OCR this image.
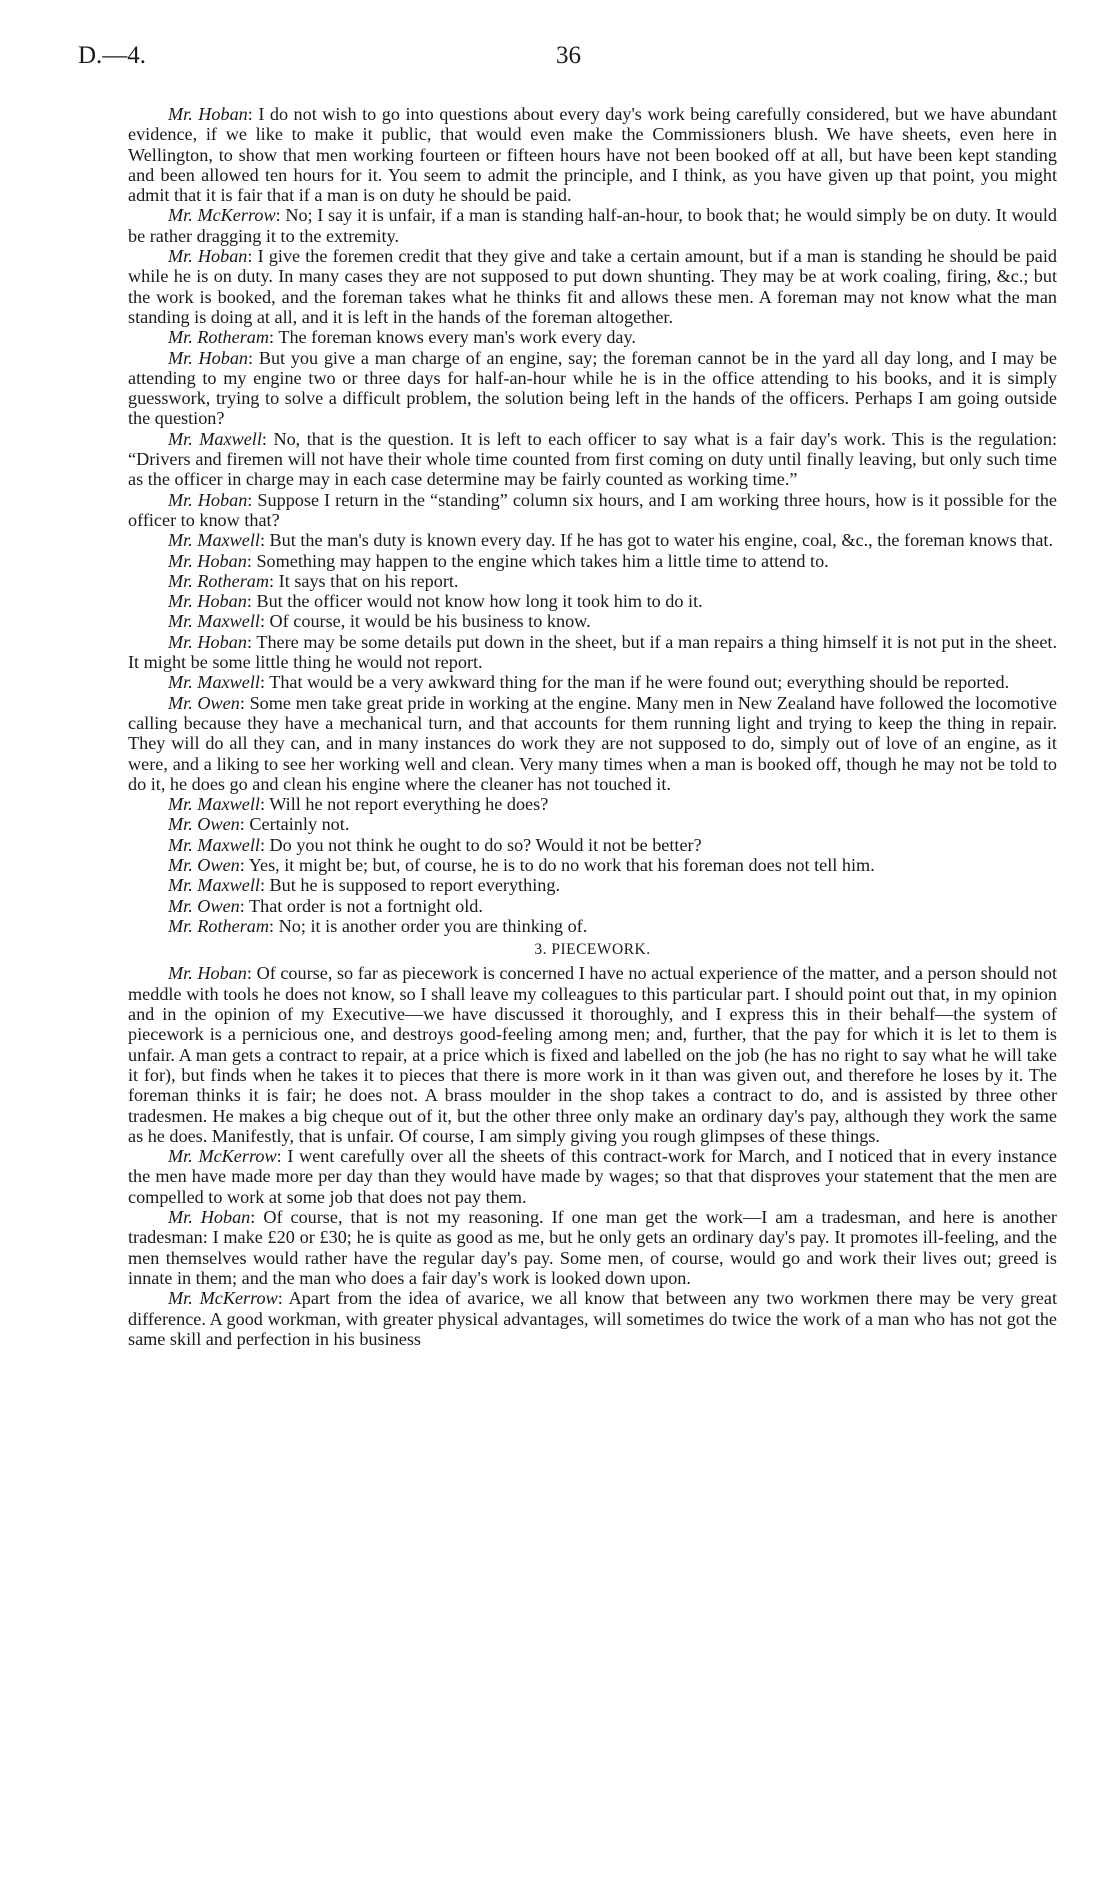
D.—4.	36

Mr. Hoban: I do not wish to go into questions about every day's work being carefully considered, but we have abundant evidence, if we like to make it public, that would even make the Commissioners blush. We have sheets, even here in Wellington, to show that men working fourteen or fifteen hours have not been booked off at all, but have been kept standing and been allowed ten hours for it. You seem to admit the principle, and I think, as you have given up that point, you might admit that it is fair that if a man is on duty he should be paid.

Mr. McKerrow: No; I say it is unfair, if a man is standing half-an-hour, to book that; he would simply be on duty. It would be rather dragging it to the extremity.

Mr. Hoban: I give the foremen credit that they give and take a certain amount, but if a man is standing he should be paid while he is on duty. In many cases they are not supposed to put down shunting. They may be at work coaling, firing, &c.; but the work is booked, and the foreman takes what he thinks fit and allows these men. A foreman may not know what the man standing is doing at all, and it is left in the hands of the foreman altogether.

Mr. Rotheram: The foreman knows every man's work every day.

Mr. Hoban: But you give a man charge of an engine, say; the foreman cannot be in the yard all day long, and I may be attending to my engine two or three days for half-an-hour while he is in the office attending to his books, and it is simply guesswork, trying to solve a difficult problem, the solution being left in the hands of the officers. Perhaps I am going outside the question?

Mr. Maxwell: No, that is the question. It is left to each officer to say what is a fair day's work. This is the regulation: “Drivers and firemen will not have their whole time counted from first coming on duty until finally leaving, but only such time as the officer in charge may in each case determine may be fairly counted as working time.”

Mr. Hoban: Suppose I return in the “standing” column six hours, and I am working three hours, how is it possible for the officer to know that?

Mr. Maxwell: But the man's duty is known every day. If he has got to water his engine, coal, &c., the foreman knows that.

Mr. Hoban: Something may happen to the engine which takes him a little time to attend to.

Mr. Rotheram: It says that on his report.

Mr. Hoban: But the officer would not know how long it took him to do it.

Mr. Maxwell: Of course, it would be his business to know.

Mr. Hoban: There may be some details put down in the sheet, but if a man repairs a thing himself it is not put in the sheet. It might be some little thing he would not report.

Mr. Maxwell: That would be a very awkward thing for the man if he were found out; everything should be reported.

Mr. Owen: Some men take great pride in working at the engine. Many men in New Zealand have followed the locomotive calling because they have a mechanical turn, and that accounts for them running light and trying to keep the thing in repair. They will do all they can, and in many instances do work they are not supposed to do, simply out of love of an engine, as it were, and a liking to see her working well and clean. Very many times when a man is booked off, though he may not be told to do it, he does go and clean his engine where the cleaner has not touched it.

Mr. Maxwell: Will he not report everything he does?

Mr. Owen: Certainly not.

Mr. Maxwell: Do you not think he ought to do so? Would it not be better?

Mr. Owen: Yes, it might be; but, of course, he is to do no work that his foreman does not tell him.

Mr. Maxwell: But he is supposed to report everything.

Mr. Owen: That order is not a fortnight old.

Mr. Rotheram: No; it is another order you are thinking of.

3. PIECEWORK.

Mr. Hoban: Of course, so far as piecework is concerned I have no actual experience of the matter, and a person should not meddle with tools he does not know, so I shall leave my colleagues to this particular part. I should point out that, in my opinion and in the opinion of my Executive—we have discussed it thoroughly, and I express this in their behalf—the system of piecework is a pernicious one, and destroys good-feeling among men; and, further, that the pay for which it is let to them is unfair. A man gets a contract to repair, at a price which is fixed and labelled on the job (he has no right to say what he will take it for), but finds when he takes it to pieces that there is more work in it than was given out, and therefore he loses by it. The foreman thinks it is fair; he does not. A brass moulder in the shop takes a contract to do, and is assisted by three other tradesmen. He makes a big cheque out of it, but the other three only make an ordinary day's pay, although they work the same as he does. Manifestly, that is unfair. Of course, I am simply giving you rough glimpses of these things.

Mr. McKerrow: I went carefully over all the sheets of this contract-work for March, and I noticed that in every instance the men have made more per day than they would have made by wages; so that that disproves your statement that the men are compelled to work at some job that does not pay them.

Mr. Hoban: Of course, that is not my reasoning. If one man get the work—I am a tradesman, and here is another tradesman: I make £20 or £30; he is quite as good as me, but he only gets an ordinary day's pay. It promotes ill-feeling, and the men themselves would rather have the regular day's pay. Some men, of course, would go and work their lives out; greed is innate in them; and the man who does a fair day's work is looked down upon.

Mr. McKerrow: Apart from the idea of avarice, we all know that between any two workmen there may be very great difference. A good workman, with greater physical advantages, will sometimes do twice the work of a man who has not got the same skill and perfection in his business
